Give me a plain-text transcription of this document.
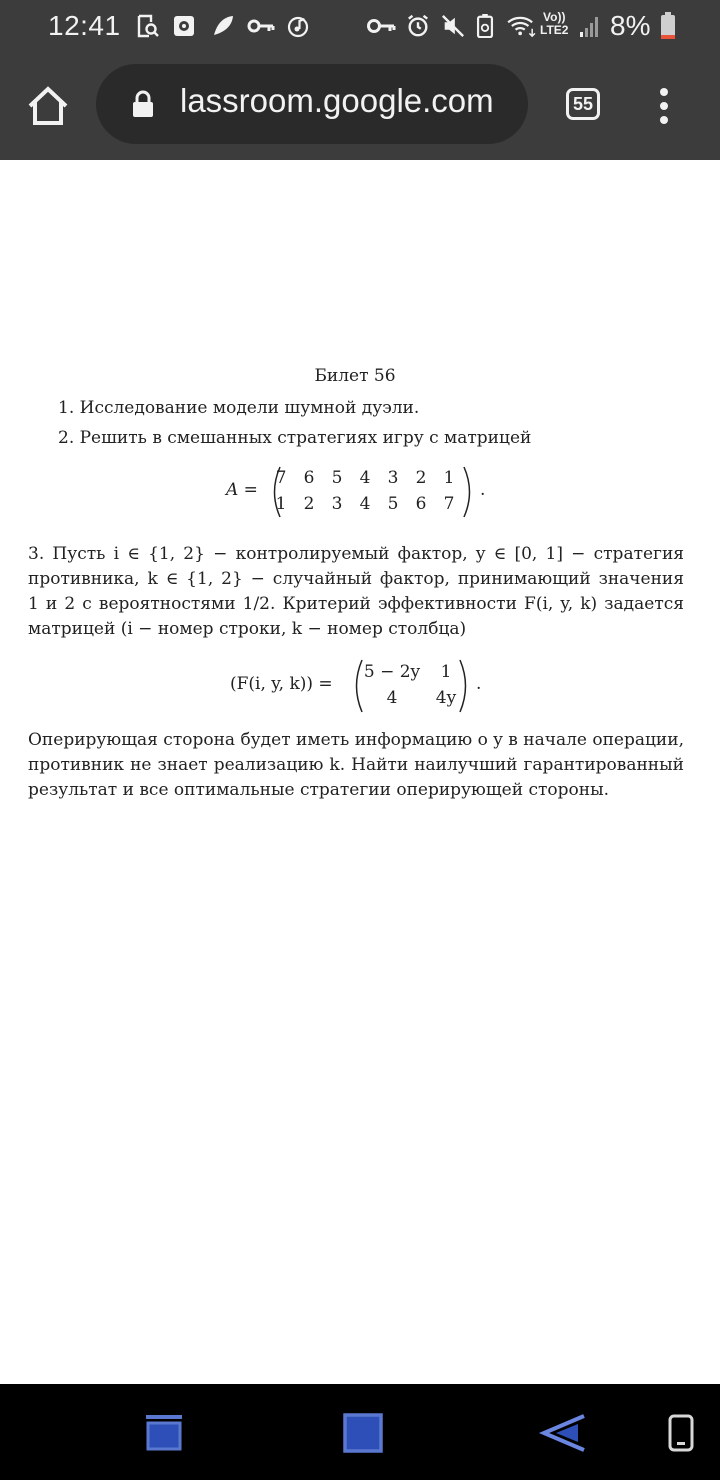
12:41	Vo))
LTE2 8%
lassroom.google.com	55
Билет 56
1. Исследование модели шумной дуэли.
2. Решить в смешанных стратегиях игру с матрицей
A =
7 6 5 4 3 2 1
1 2 3 4 5 6 7
.
3. Пусть i ∈ {1, 2} − контролируемый фактор, y ∈ [0, 1] − стратегия
противника, k ∈ {1, 2} − случайный фактор, принимающий значения
1 и 2 с вероятностями 1/2. Критерий эффективности F(i, y, k) задается
матрицей (i − номер строки, k − номер столбца)
(F(i, y, k)) =
5 − 2y	1
4	4y
.
Оперирующая сторона будет иметь информацию о y в начале операции,
противник не знает реализацию k. Найти наилучший гарантированный
результат и все оптимальные стратегии оперирующей стороны.
